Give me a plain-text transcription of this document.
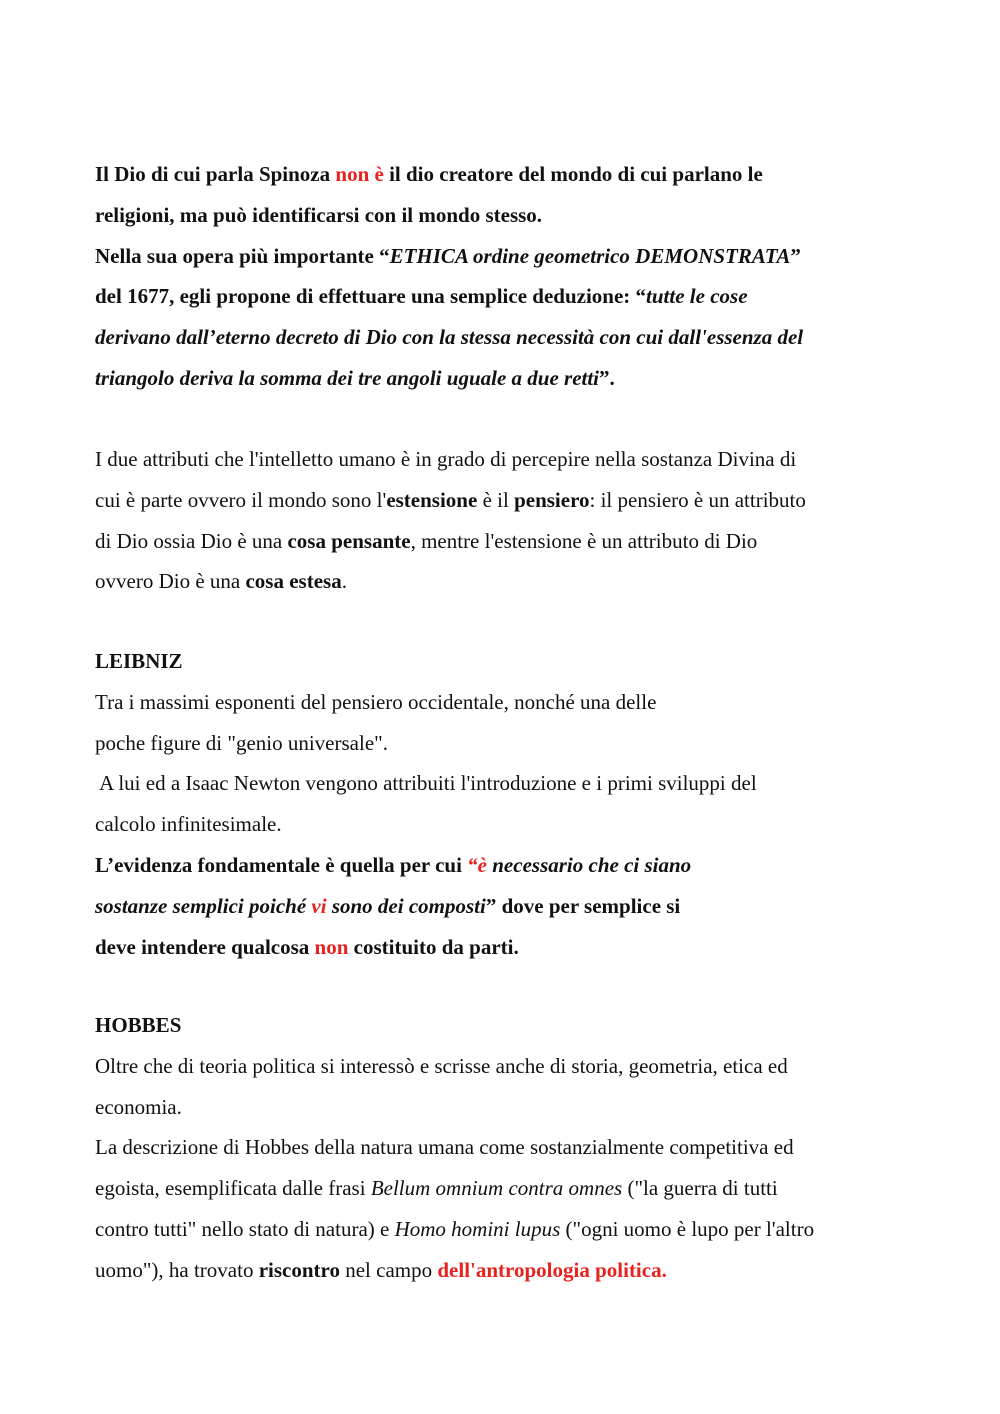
Il Dio di cui parla Spinoza non è il dio creatore del mondo di cui parlano le
religioni, ma può identificarsi con il mondo stesso.
Nella sua opera più importante “ETHICA ordine geometrico DEMONSTRATA”
del 1677, egli propone di effettuare una semplice deduzione: “tutte le cose
derivano dall’eterno decreto di Dio con la stessa necessità con cui dall'essenza del
triangolo deriva la somma dei tre angoli uguale a due retti”.
I due attributi che l'intelletto umano è in grado di percepire nella sostanza Divina di
cui è parte ovvero il mondo sono l'estensione è il pensiero: il pensiero è un attributo
di Dio ossia Dio è una cosa pensante, mentre l'estensione è un attributo di Dio
ovvero Dio è una cosa estesa.
LEIBNIZ
Tra i massimi esponenti del pensiero occidentale, nonché una delle
poche figure di "genio universale".
A lui ed a Isaac Newton vengono attribuiti l'introduzione e i primi sviluppi del
calcolo infinitesimale.
L’evidenza fondamentale è quella per cui “è necessario che ci siano
sostanze semplici poiché vi sono dei composti” dove per semplice si
deve intendere qualcosa non costituito da parti.
HOBBES
Oltre che di teoria politica si interessò e scrisse anche di storia, geometria, etica ed
economia.
La descrizione di Hobbes della natura umana come sostanzialmente competitiva ed
egoista, esemplificata dalle frasi Bellum omnium contra omnes ("la guerra di tutti
contro tutti" nello stato di natura) e Homo homini lupus ("ogni uomo è lupo per l'altro
uomo"), ha trovato riscontro nel campo dell'antropologia politica.
